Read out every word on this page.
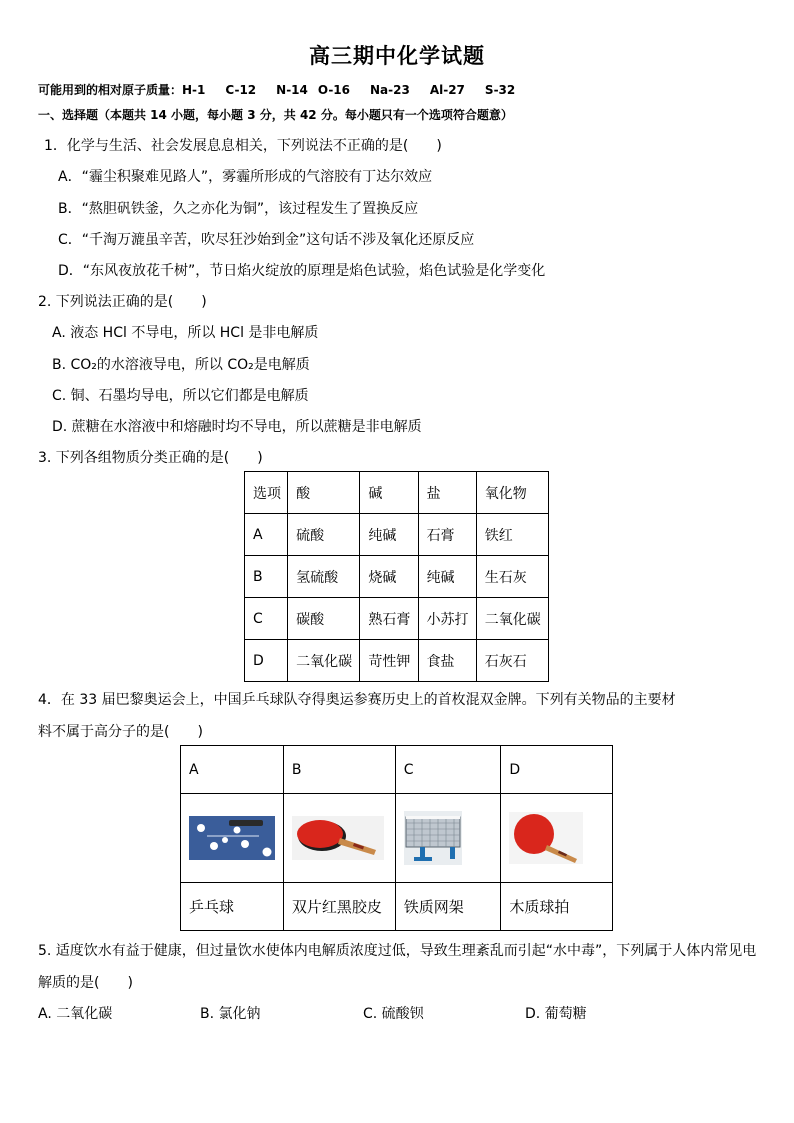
高三期中化学试题
可能用到的相对原子质量：H-1 C-12 N-14 O-16 Na-23 Al-27 S-32
一、选择题（本题共 14 小题，每小题 3 分，共 42 分。每小题只有一个选项符合题意）
1．化学与生活、社会发展息息相关，下列说法不正确的是(　　)
A．“霾尘积聚难见路人”，雾霾所形成的气溶胶有丁达尔效应
B．“熬胆矾铁釜，久之亦化为铜”，该过程发生了置换反应
C．“千淘万漉虽辛苦，吹尽狂沙始到金”这句话不涉及氧化还原反应
D．“东风夜放花千树”，节日焰火绽放的原理是焰色试验，焰色试验是化学变化
2. 下列说法正确的是(　　)
A. 液态 HCl 不导电，所以 HCl 是非电解质
B. CO₂的水溶液导电，所以 CO₂是电解质
C. 铜、石墨均导电，所以它们都是电解质
D. 蔗糖在水溶液中和熔融时均不导电，所以蔗糖是非电解质
3. 下列各组物质分类正确的是(　　)
选项	酸	碱	盐	氧化物
A	硫酸	纯碱	石膏	铁红
B	氢硫酸	烧碱	纯碱	生石灰
C	碳酸	熟石膏	小苏打	二氧化碳
D	二氧化碳	苛性钾	食盐	石灰石
4．在 33 届巴黎奥运会上，中国乒乓球队夺得奥运参赛历史上的首枚混双金牌。下列有关物品的主要材
料不属于高分子的是(　　)
A	B	C	D

乒乓球	双片红黑胶皮	铁质网架	木质球拍
5. 适度饮水有益于健康，但过量饮水使体内电解质浓度过低，导致生理紊乱而引起“水中毒”，下列属于人体内常见电
解质的是(　　)
A. 二氧化碳	B. 氯化钠	C. 硫酸钡	D. 葡萄糖
